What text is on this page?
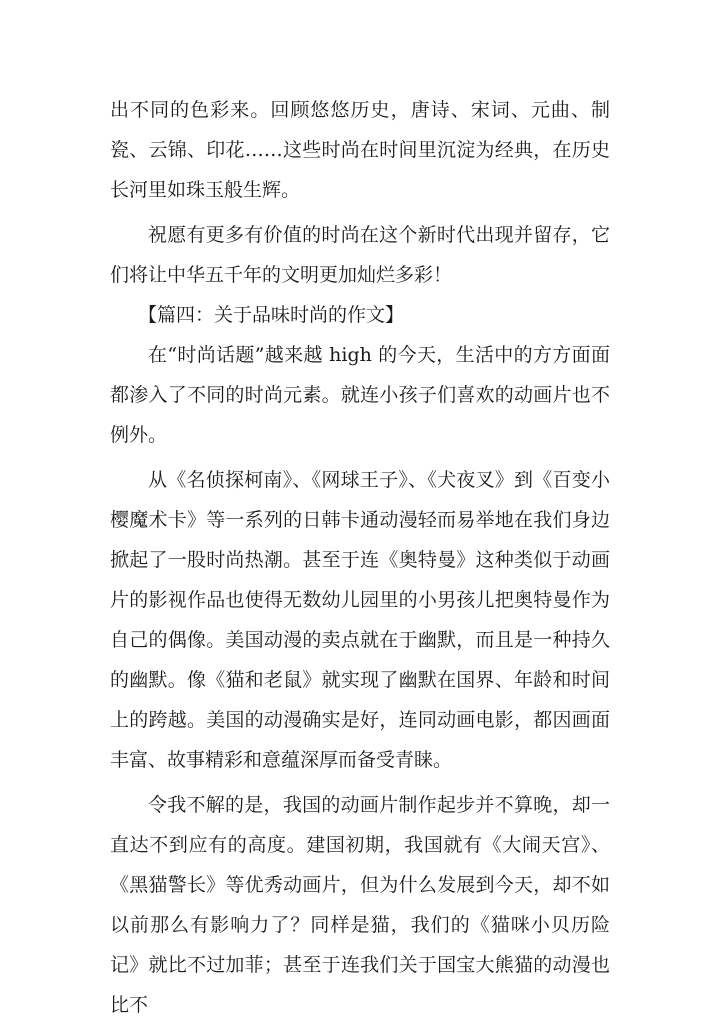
出不同的色彩来。回顾悠悠历史，唐诗、宋词、元曲、制瓷、云锦、印花……这些时尚在时间里沉淀为经典，在历史长河里如珠玉般生辉。

祝愿有更多有价值的时尚在这个新时代出现并留存，它们将让中华五千年的文明更加灿烂多彩！

【篇四：关于品味时尚的作文】

在“时尚话题”越来越 high 的今天，生活中的方方面面都渗入了不同的时尚元素。就连小孩子们喜欢的动画片也不例外。

从《名侦探柯南》、《网球王子》、《犬夜叉》到《百变小樱魔术卡》等一系列的日韩卡通动漫轻而易举地在我们身边掀起了一股时尚热潮。甚至于连《奥特曼》这种类似于动画片的影视作品也使得无数幼儿园里的小男孩儿把奥特曼作为自己的偶像。美国动漫的卖点就在于幽默，而且是一种持久的幽默。像《猫和老鼠》就实现了幽默在国界、年龄和时间上的跨越。美国的动漫确实是好，连同动画电影，都因画面丰富、故事精彩和意蕴深厚而备受青睐。

令我不解的是，我国的动画片制作起步并不算晚，却一直达不到应有的高度。建国初期，我国就有《大闹天宫》、《黑猫警长》等优秀动画片，但为什么发展到今天，却不如以前那么有影响力了？同样是猫，我们的《猫咪小贝历险记》就比不过加菲；甚至于连我们关于国宝大熊猫的动漫也比不
